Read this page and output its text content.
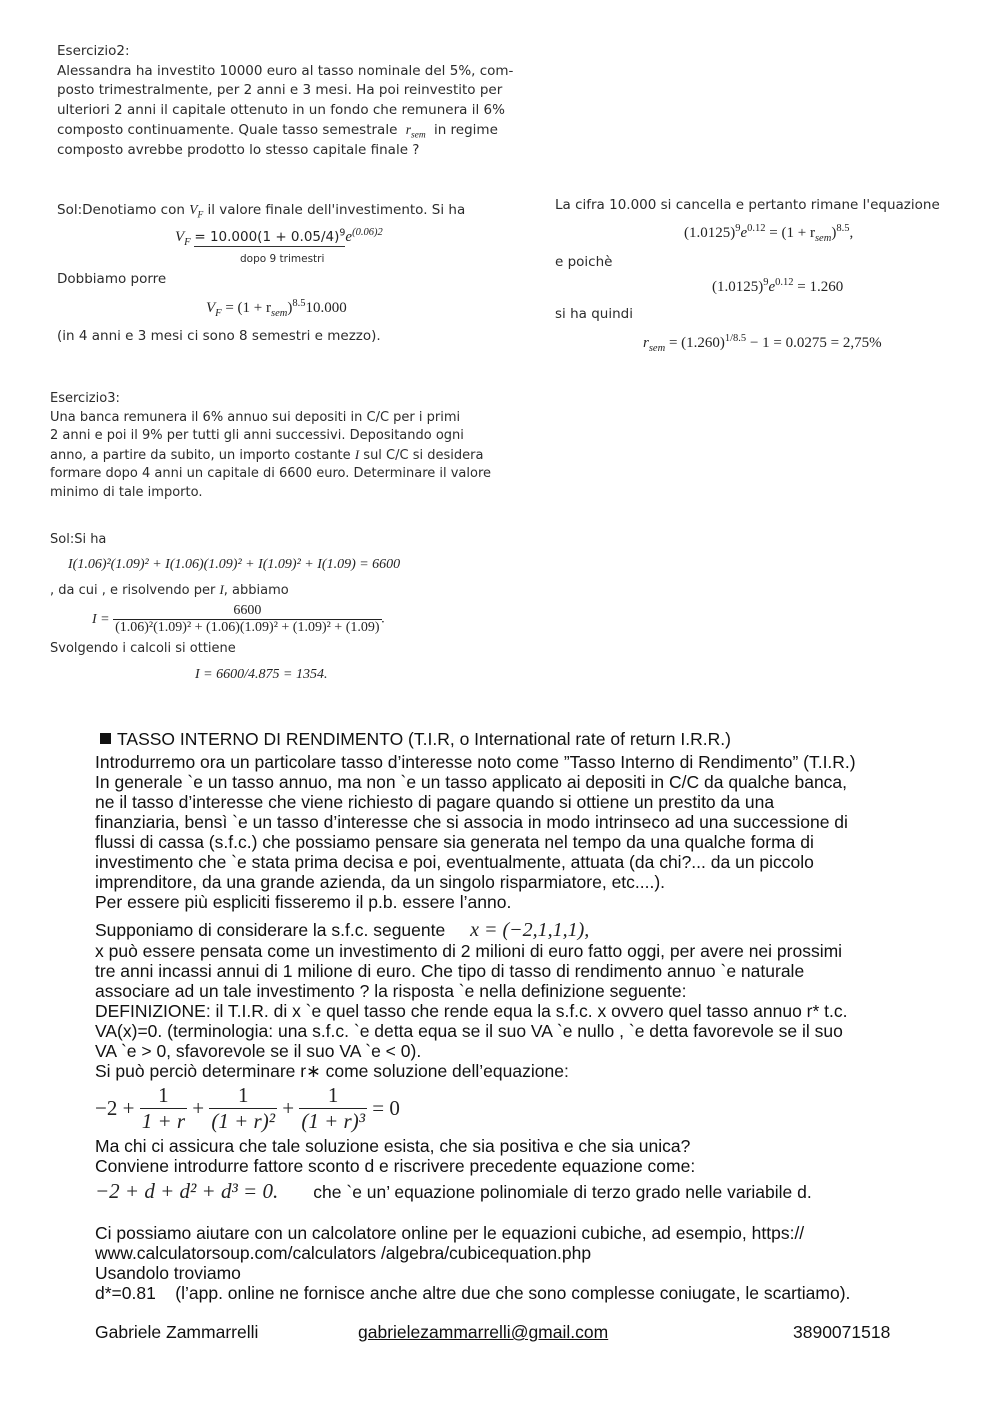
Esercizio2:
Alessandra ha investito 10000 euro al tasso nominale del 5%, com-
posto trimestralmente, per 2 anni e 3 mesi. Ha poi reinvestito per
ulteriori 2 anni il capitale ottenuto in un fondo che remunera il 6%
composto continuamente. Quale tasso semestrale $r_{sem}$ in regime
composto avrebbe prodotto lo stesso capitale finale ?
Sol:Denotiamo con $V_F$ il valore finale dell'investimento. Si ha
$V_F = 10.000(1 + 0.05/4)^9e^{(0.06)2}$
dopo 9 trimestri
Dobbiamo porre
$V_F = (1 + r_{sem})^{8.5}10.000$
(in 4 anni e 3 mesi ci sono 8 semestri e mezzo).
La cifra 10.000 si cancella e pertanto rimane l'equazione
$(1.0125)^9e^{0.12} = (1 + r_{sem})^{8.5}$,
e poichè
$(1.0125)^9e^{0.12} = 1.260$
si ha quindi
$r_{sem} = (1.260)^{1/8.5} - 1 = 0.0275 = 2,75\%$
Esercizio3:
Una banca remunera il 6% annuo sui depositi in C/C per i primi
2 anni e poi il 9% per tutti gli anni successivi. Depositando ogni
anno, a partire da subito, un importo costante I sul C/C si desidera
formare dopo 4 anni un capitale di 6600 euro. Determinare il valore
minimo di tale importo.
Sol:Si ha
I(1.06)²(1.09)² + I(1.06)(1.09)² + I(1.09)² + I(1.09) = 6600
, da cui , e risolvendo per I, abbiamo
$I = \frac{6600}{\text{(1.06)²(1.09)² + (1.06)(1.09)² + (1.09)² + (1.09)}}$ .
Svolgendo i calcoli si ottiene
I = 6600/4.875 = 1354.
TASSO INTERNO DI RENDIMENTO (T.I.R, o International rate of return I.R.R.)
Introdurremo ora un particolare tasso d’interesse noto come ”Tasso Interno di Rendimento” (T.I.R.)
In generale `e un tasso annuo, ma non `e un tasso applicato ai depositi in C/C da qualche banca,
ne il tasso d’interesse che viene richiesto di pagare quando si ottiene un prestito da una
finanziaria, bensì `e un tasso d’interesse che si associa in modo intrinseco ad una successione di
flussi di cassa (s.f.c.) che possiamo pensare sia generata nel tempo da una qualche forma di
investimento che `e stata prima decisa e poi, eventualmente, attuata (da chi?... da un piccolo
imprenditore, da una grande azienda, da un singolo risparmiatore, etc....).
Per essere più espliciti fisseremo il p.b. essere l’anno.
Supponiamo di considerare la s.f.c. seguente x = (−2,1,1,1),
x può essere pensata come un investimento di 2 milioni di euro fatto oggi, per avere nei prossimi
tre anni incassi annui di 1 milione di euro. Che tipo di tasso di rendimento annuo `e naturale
associare ad un tale investimento ? la risposta `e nella definizione seguente:
DEFINIZIONE: il T.I.R. di x `e quel tasso che rende equa la s.f.c. x ovvero quel tasso annuo r* t.c.
VA(x)=0. (terminologia: una s.f.c. `e detta equa se il suo VA `e nullo , `e detta favorevole se il suo
VA `e > 0, sfavorevole se il suo VA `e < 0).
Si può perciò determinare r∗ come soluzione dell’equazione:
$-2 + \frac{1}{1 + r} + \frac{1}{\text{(1 + r)²}} + \frac{1}{\text{(1 + r)³}} = 0$
Ma chi ci assicura che tale soluzione esista, che sia positiva e che sia unica?
Conviene introdurre fattore sconto d e riscrivere precedente equazione come:
−2 + d + d² + d³ = 0. che `e un’ equazione polinomiale di terzo grado nelle variabile d.
Ci possiamo aiutare con un calcolatore online per le equazioni cubiche, ad esempio, https://
www.calculatorsoup.com/calculators /algebra/cubicequation.php
Usandolo troviamo
d*=0.81    (l’app. online ne fornisce anche altre due che sono complesse coniugate, le scartiamo).
Gabriele Zammarrelli	gabrielezammarrelli@gmail.com	3890071518
